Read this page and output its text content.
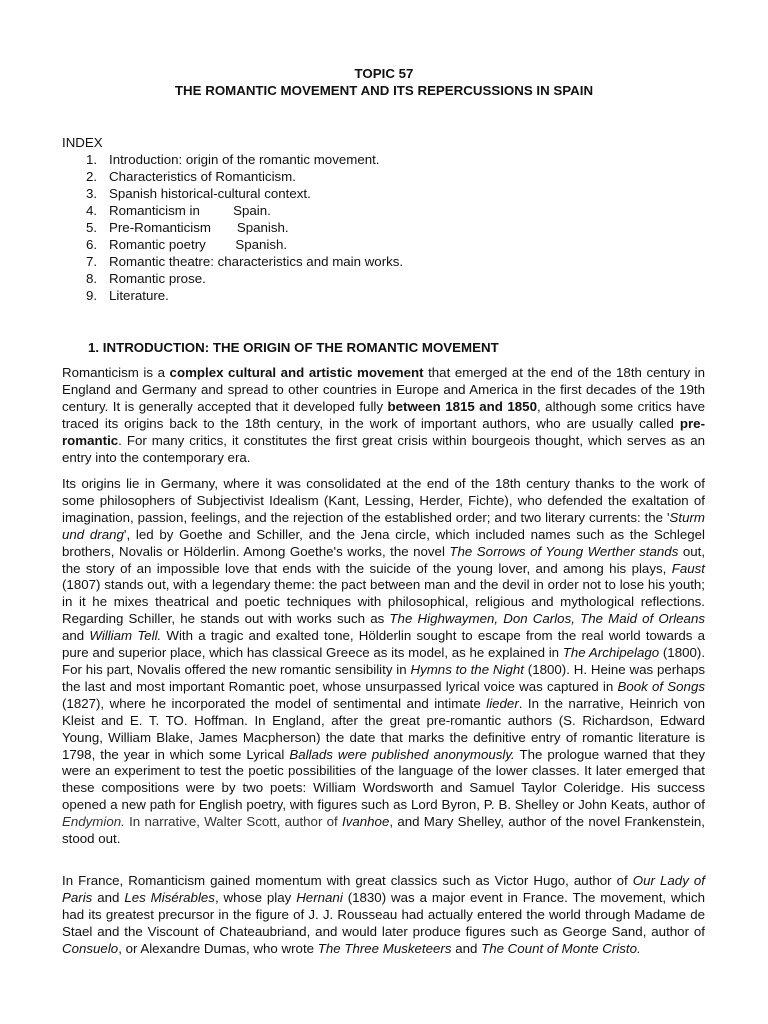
TOPIC 57
THE ROMANTIC MOVEMENT AND ITS REPERCUSSIONS IN SPAIN
INDEX
1. Introduction: origin of the romantic movement.
2. Characteristics of Romanticism.
3. Spanish historical-cultural context.
4. Romanticism in         Spain.
5. Pre-Romanticism       Spanish.
6. Romantic poetry        Spanish.
7. Romantic theatre: characteristics and main works.
8. Romantic prose.
9. Literature.
1. INTRODUCTION: THE ORIGIN OF THE ROMANTIC MOVEMENT

Romanticism is a complex cultural and artistic movement that emerged at the end of the 18th century in England and Germany and spread to other countries in Europe and America in the first decades of the 19th century. It is generally accepted that it developed fully between 1815 and 1850, although some critics have traced its origins back to the 18th century, in the work of important authors, who are usually called pre-romantic. For many critics, it constitutes the first great crisis within bourgeois thought, which serves as an entry into the contemporary era.

Its origins lie in Germany, where it was consolidated at the end of the 18th century thanks to the work of some philosophers of Subjectivist Idealism (Kant, Lessing, Herder, Fichte), who defended the exaltation of imagination, passion, feelings, and the rejection of the established order; and two literary currents: the 'Sturm und drang', led by Goethe and Schiller, and the Jena circle, which included names such as the Schlegel brothers, Novalis or Hölderlin. Among Goethe's works, the novel The Sorrows of Young Werther stands out, the story of an impossible love that ends with the suicide of the young lover, and among his plays, Faust (1807) stands out, with a legendary theme: the pact between man and the devil in order not to lose his youth; in it he mixes theatrical and poetic techniques with philosophical, religious and mythological reflections. Regarding Schiller, he stands out with works such as The Highwaymen, Don Carlos, The Maid of Orleans and William Tell. With a tragic and exalted tone, Hölderlin sought to escape from the real world towards a pure and superior place, which has classical Greece as its model, as he explained in The Archipelago (1800). For his part, Novalis offered the new romantic sensibility in Hymns to the Night (1800). H. Heine was perhaps the last and most important Romantic poet, whose unsurpassed lyrical voice was captured in Book of Songs (1827), where he incorporated the model of sentimental and intimate lieder. In the narrative, Heinrich von Kleist and E. T. TO. Hoffman. In England, after the great pre-romantic authors (S. Richardson, Edward Young, William Blake, James Macpherson) the date that marks the definitive entry of romantic literature is 1798, the year in which some Lyrical Ballads were published anonymously. The prologue warned that they were an experiment to test the poetic possibilities of the language of the lower classes. It later emerged that these compositions were by two poets: William Wordsworth and Samuel Taylor Coleridge. His success opened a new path for English poetry, with figures such as Lord Byron, P. B. Shelley or John Keats, author of Endymion. In narrative, Walter Scott, author of Ivanhoe, and Mary Shelley, author of the novel Frankenstein, stood out.

In France, Romanticism gained momentum with great classics such as Victor Hugo, author of Our Lady of Paris and Les Misérables, whose play Hernani (1830) was a major event in France. The movement, which had its greatest precursor in the figure of J. J. Rousseau had actually entered the world through Madame de Stael and the Viscount of Chateaubriand, and would later produce figures such as George Sand, author of Consuelo, or Alexandre Dumas, who wrote The Three Musketeers and The Count of Monte Cristo.
